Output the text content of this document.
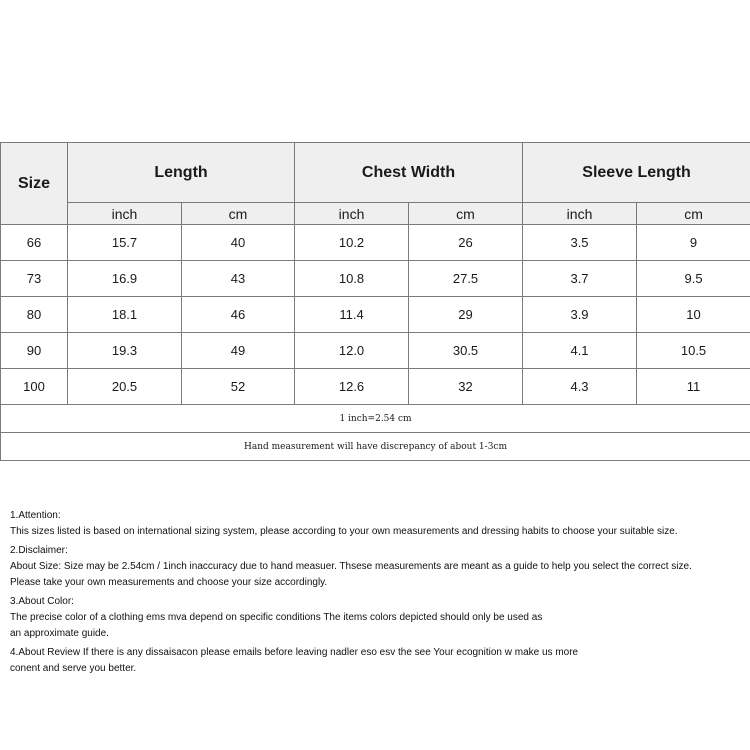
Size	Length		Chest Width		Sleeve Length	
	inch	cm	inch	cm	inch	cm
66	15.7	40	10.2	26	3.5	9
73	16.9	43	10.8	27.5	3.7	9.5
80	18.1	46	11.4	29	3.9	10
90	19.3	49	12.0	30.5	4.1	10.5
100	20.5	52	12.6	32	4.3	11
1 inch=2.54 cm						
Hand measurement will have discrepancy of about 1-3cm						

1.Attention:

This sizes listed is based on international sizing system, please according to your own measurements and dressing habits to choose your suitable size.

2.Disclaimer:

About Size: Size may be 2.54cm / 1inch inaccuracy due to hand measuer. Thsese measurements are meant as a guide to help you select the correct size.

Please take your own measurements and choose your size accordingly.

3.About Color:

The precise color of a clothing ems mva depend on specific conditions The items colors depicted should only be used as

an approximate guide.

4.About Review If there is any dissaisacon please emails before leaving nadler eso esv the see Your ecognition w make us more

conent and serve you better.
